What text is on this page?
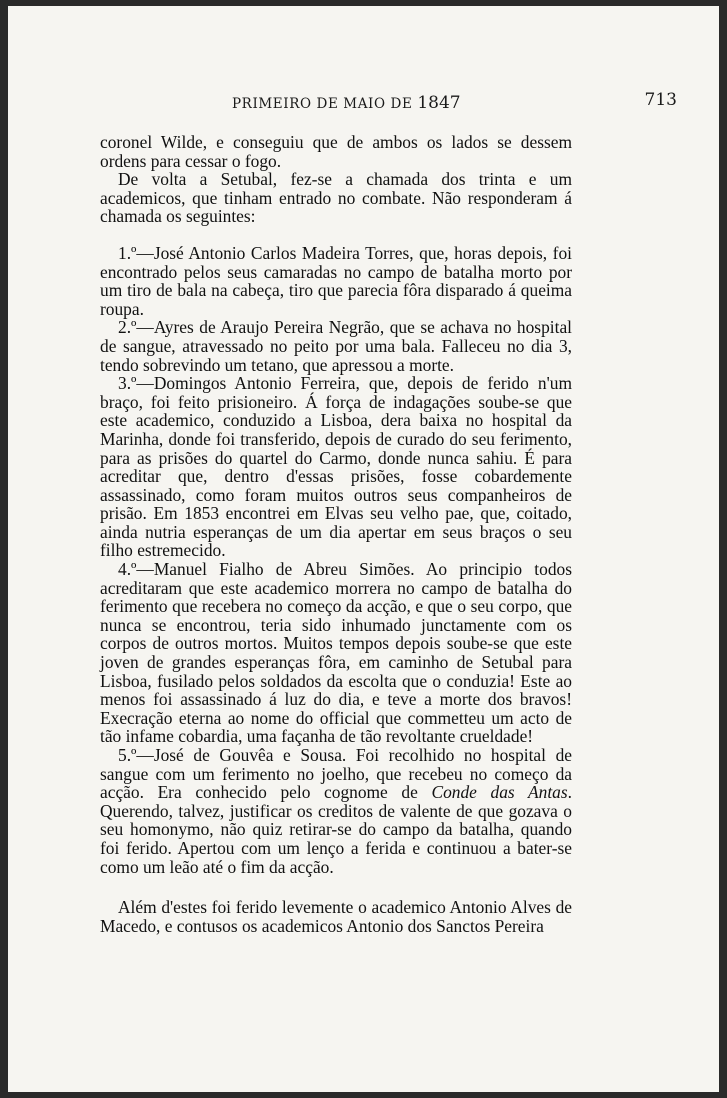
PRIMEIRO DE MAIO DE 1847	713

coronel Wilde, e conseguiu que de ambos os lados se dessem ordens para cessar o fogo.

De volta a Setubal, fez-se a chamada dos trinta e um academicos, que tinham entrado no combate. Não responderam á chamada os seguintes:

1.º—José Antonio Carlos Madeira Torres, que, horas depois, foi encontrado pelos seus camaradas no campo de batalha morto por um tiro de bala na cabeça, tiro que parecia fôra disparado á queima roupa.

2.º—Ayres de Araujo Pereira Negrão, que se achava no hospital de sangue, atravessado no peito por uma bala. Falleceu no dia 3, tendo sobrevindo um tetano, que apressou a morte.

3.º—Domingos Antonio Ferreira, que, depois de ferido n'um braço, foi feito prisioneiro. Á força de indagações soube-se que este academico, conduzido a Lisboa, dera baixa no hospital da Marinha, donde foi transferido, depois de curado do seu ferimento, para as prisões do quartel do Carmo, donde nunca sahiu. É para acreditar que, dentro d'essas prisões, fosse cobardemente assassinado, como foram muitos outros seus companheiros de prisão. Em 1853 encontrei em Elvas seu velho pae, que, coitado, ainda nutria esperanças de um dia apertar em seus braços o seu filho estremecido.

4.º—Manuel Fialho de Abreu Simões. Ao principio todos acreditaram que este academico morrera no campo de batalha do ferimento que recebera no começo da acção, e que o seu corpo, que nunca se encontrou, teria sido inhumado junctamente com os corpos de outros mortos. Muitos tempos depois soube-se que este joven de grandes esperanças fôra, em caminho de Setubal para Lisboa, fusilado pelos soldados da escolta que o conduzia! Este ao menos foi assassinado á luz do dia, e teve a morte dos bravos! Execração eterna ao nome do official que commetteu um acto de tão infame cobardia, uma façanha de tão revoltante crueldade!

5.º—José de Gouvêa e Sousa. Foi recolhido no hospital de sangue com um ferimento no joelho, que recebeu no começo da acção. Era conhecido pelo cognome de Conde das Antas. Querendo, talvez, justificar os creditos de valente de que gozava o seu homonymo, não quiz retirar-se do campo da batalha, quando foi ferido. Apertou com um lenço a ferida e continuou a bater-se como um leão até o fim da acção.

Além d'estes foi ferido levemente o academico Antonio Alves de Macedo, e contusos os academicos Antonio dos Sanctos Pereira
